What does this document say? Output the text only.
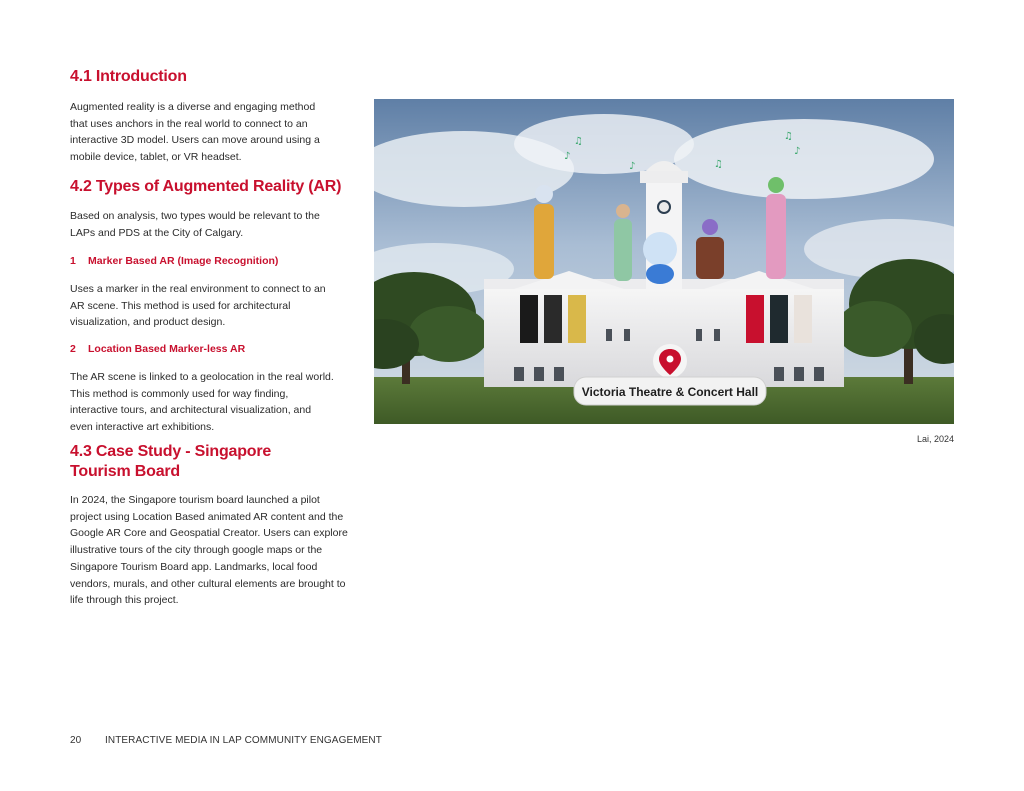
4.1 Introduction

Augmented reality is a diverse and engaging method that uses anchors in the real world to connect to an interactive 3D model. Users can move around using a mobile device, tablet, or VR headset.

4.2 Types of Augmented Reality (AR)

Based on analysis, two types would be relevant to the LAPs and PDS at the City of Calgary.

1 Marker Based AR (Image Recognition)

Uses a marker in the real environment to connect to an AR scene. This method is used for architectural visualization, and product design.

2 Location Based Marker-less AR

The AR scene is linked to a geolocation in the real world. This method is commonly used for way finding, interactive tours, and architectural visualization, and even interactive art exhibitions.

4.3 Case Study - Singapore
Tourism Board

In 2024, the Singapore tourism board launched a pilot project using Location Based animated AR content and the Google AR Core and Geospatial Creator. Users can explore illustrative tours of the city through google maps or the Singapore Tourism Board app. Landmarks, local food vendors, murals, and other cultural elements are brought to life through this project.

♪
♫
♪	♫
♪
♫
Victoria Theatre & Concert Hall
Lai, 2024
20 INTERACTIVE MEDIA IN LAP COMMUNITY ENGAGEMENT
